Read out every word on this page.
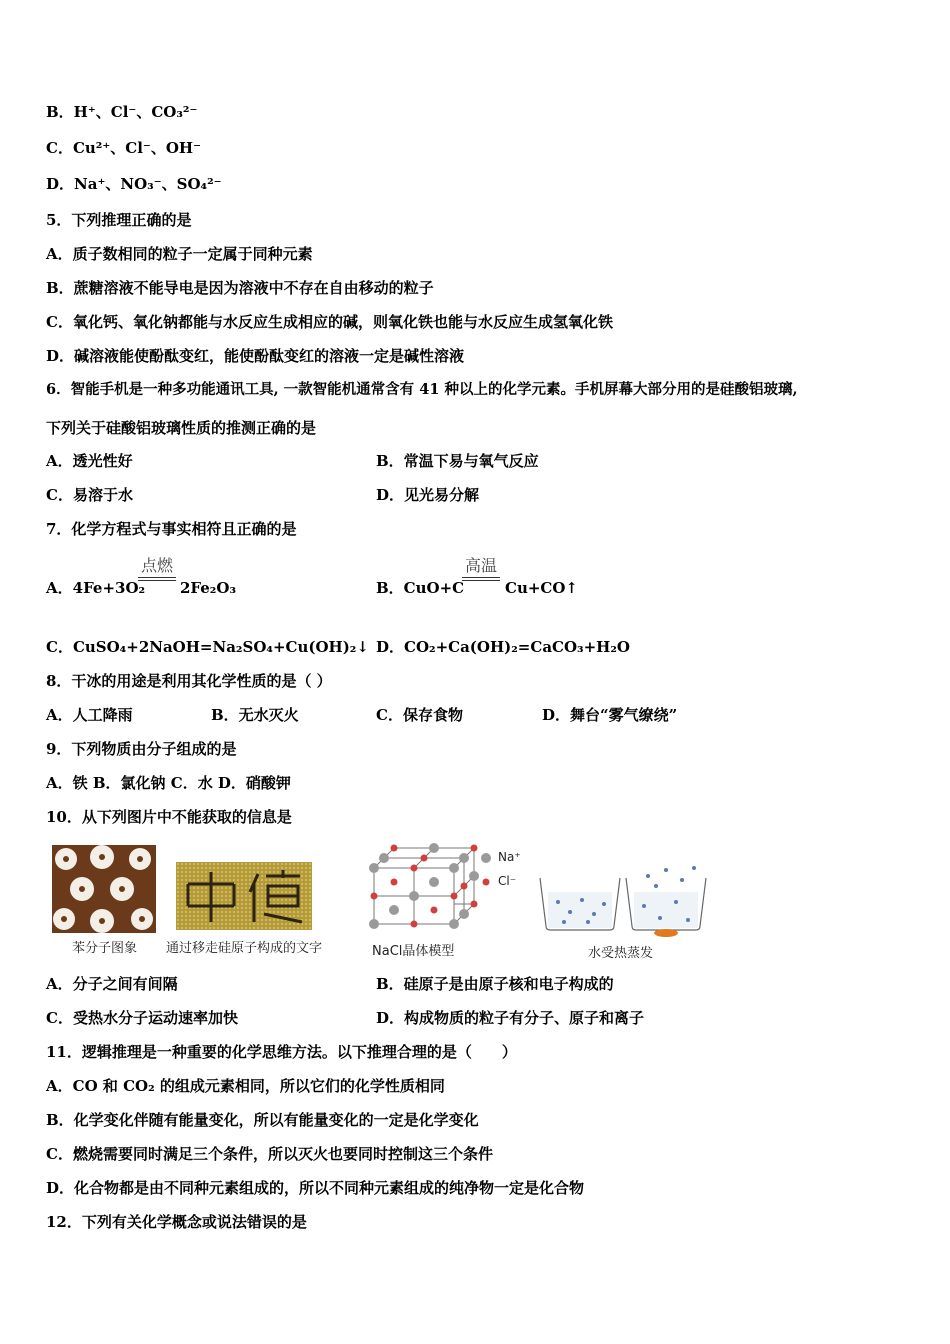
B．H⁺、Cl⁻、CO₃²⁻
C．Cu²⁺、Cl⁻、OH⁻
D．Na⁺、NO₃⁻、SO₄²⁻
5．下列推理正确的是
A．质子数相同的粒子一定属于同种元素
B．蔗糖溶液不能导电是因为溶液中不存在自由移动的粒子
C．氧化钙、氧化钠都能与水反应生成相应的碱，则氧化铁也能与水反应生成氢氧化铁
D．碱溶液能使酚酞变红，能使酚酞变红的溶液一定是碱性溶液
6．智能手机是一种多功能通讯工具, 一款智能机通常含有 41 种以上的化学元素。手机屏幕大部分用的是硅酸铝玻璃,
下列关于硅酸铝玻璃性质的推测正确的是
A．透光性好	B．常温下易与氧气反应
C．易溶于水	D．见光易分解
7．化学方程式与事实相符且正确的是
A．4Fe+3O₂
点燃
2Fe₂O₃	B．CuO+C
高温
Cu+CO↑
C．CuSO₄+2NaOH=Na₂SO₄+Cu(OH)₂↓ D．CO₂+Ca(OH)₂=CaCO₃+H₂O
8．干冰的用途是利用其化学性质的是（ ）
A．人工降雨	B．无水灭火	C．保存食物	D．舞台“雾气缭绕”
9．下列物质由分子组成的是
A．铁 B．氯化钠 C．水 D．硝酸钾
10．从下列图片中不能获取的信息是
苯分子图象 通过移走硅原子构成的文字
Na⁺
Cl⁻
NaCl晶体模型	水受热蒸发
A．分子之间有间隔	B．硅原子是由原子核和电子构成的
C．受热水分子运动速率加快	D．构成物质的粒子有分子、原子和离子
11．逻辑推理是一种重要的化学思维方法。以下推理合理的是（　　）
A．CO 和 CO₂ 的组成元素相同，所以它们的化学性质相同
B．化学变化伴随有能量变化，所以有能量变化的一定是化学变化
C．燃烧需要同时满足三个条件，所以灭火也要同时控制这三个条件
D．化合物都是由不同种元素组成的，所以不同种元素组成的纯净物一定是化合物
12．下列有关化学概念或说法错误的是
